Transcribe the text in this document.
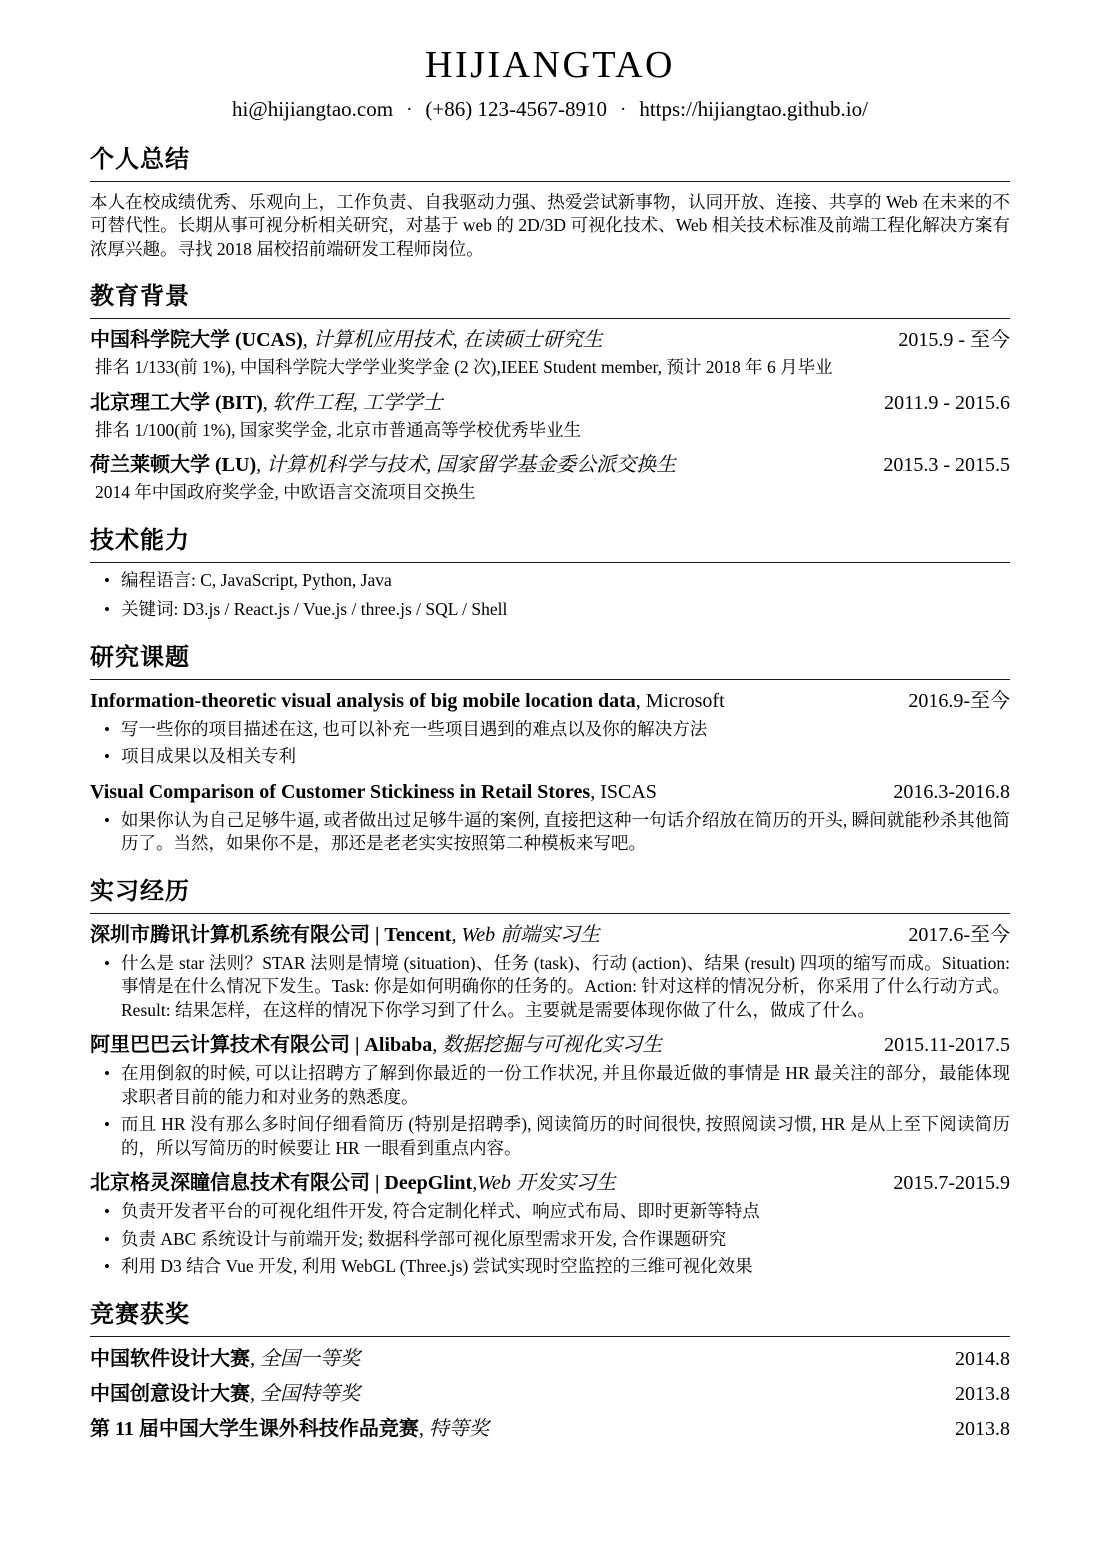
HIJIANGTAO
hi@hijiangtao.com · (+86) 123-4567-8910 · https://hijiangtao.github.io/
个人总结
本人在校成绩优秀、乐观向上，工作负责、自我驱动力强、热爱尝试新事物，认同开放、连接、共享的 Web 在未来的不可替代性。长期从事可视分析相关研究，对基于 web 的 2D/3D 可视化技术、Web 相关技术标准及前端工程化解决方案有浓厚兴趣。寻找 2018 届校招前端研发工程师岗位。
教育背景
中国科学院大学 (UCAS), 计算机应用技术, 在读硕士研究生	2015.9 - 至今
排名 1/133(前 1%), 中国科学院大学学业奖学金 (2 次),IEEE Student member, 预计 2018 年 6 月毕业
北京理工大学 (BIT), 软件工程, 工学学士	2011.9 - 2015.6
排名 1/100(前 1%), 国家奖学金, 北京市普通高等学校优秀毕业生
荷兰莱顿大学 (LU), 计算机科学与技术, 国家留学基金委公派交换生	2015.3 - 2015.5
2014 年中国政府奖学金, 中欧语言交流项目交换生
技术能力
• 编程语言: C, JavaScript, Python, Java
• 关键词: D3.js / React.js / Vue.js / three.js / SQL / Shell
研究课题
Information-theoretic visual analysis of big mobile location data, Microsoft	2016.9-至今
• 写一些你的项目描述在这, 也可以补充一些项目遇到的难点以及你的解决方法
• 项目成果以及相关专利
Visual Comparison of Customer Stickiness in Retail Stores, ISCAS	2016.3-2016.8
• 如果你认为自己足够牛逼, 或者做出过足够牛逼的案例, 直接把这种一句话介绍放在简历的开头, 瞬间就能秒杀其他简历了。当然，如果你不是，那还是老老实实按照第二种模板来写吧。
实习经历
深圳市腾讯计算机系统有限公司 | Tencent, Web 前端实习生	2017.6-至今
• 什么是 star 法则？STAR 法则是情境 (situation)、任务 (task)、行动 (action)、结果 (result) 四项的缩写而成。Situation: 事情是在什么情况下发生。Task: 你是如何明确你的任务的。Action: 针对这样的情况分析，你采用了什么行动方式。Result: 结果怎样，在这样的情况下你学习到了什么。主要就是需要体现你做了什么，做成了什么。
阿里巴巴云计算技术有限公司 | Alibaba, 数据挖掘与可视化实习生	2015.11-2017.5
• 在用倒叙的时候, 可以让招聘方了解到你最近的一份工作状况, 并且你最近做的事情是 HR 最关注的部分，最能体现求职者目前的能力和对业务的熟悉度。
• 而且 HR 没有那么多时间仔细看简历 (特别是招聘季), 阅读简历的时间很快, 按照阅读习惯, HR 是从上至下阅读简历的，所以写简历的时候要让 HR 一眼看到重点内容。
北京格灵深瞳信息技术有限公司 | DeepGlint,Web 开发实习生	2015.7-2015.9
• 负责开发者平台的可视化组件开发, 符合定制化样式、响应式布局、即时更新等特点
• 负责 ABC 系统设计与前端开发; 数据科学部可视化原型需求开发, 合作课题研究
• 利用 D3 结合 Vue 开发, 利用 WebGL (Three.js) 尝试实现时空监控的三维可视化效果
竞赛获奖
中国软件设计大赛, 全国一等奖	2014.8
中国创意设计大赛, 全国特等奖	2013.8
第 11 届中国大学生课外科技作品竞赛, 特等奖	2013.8
